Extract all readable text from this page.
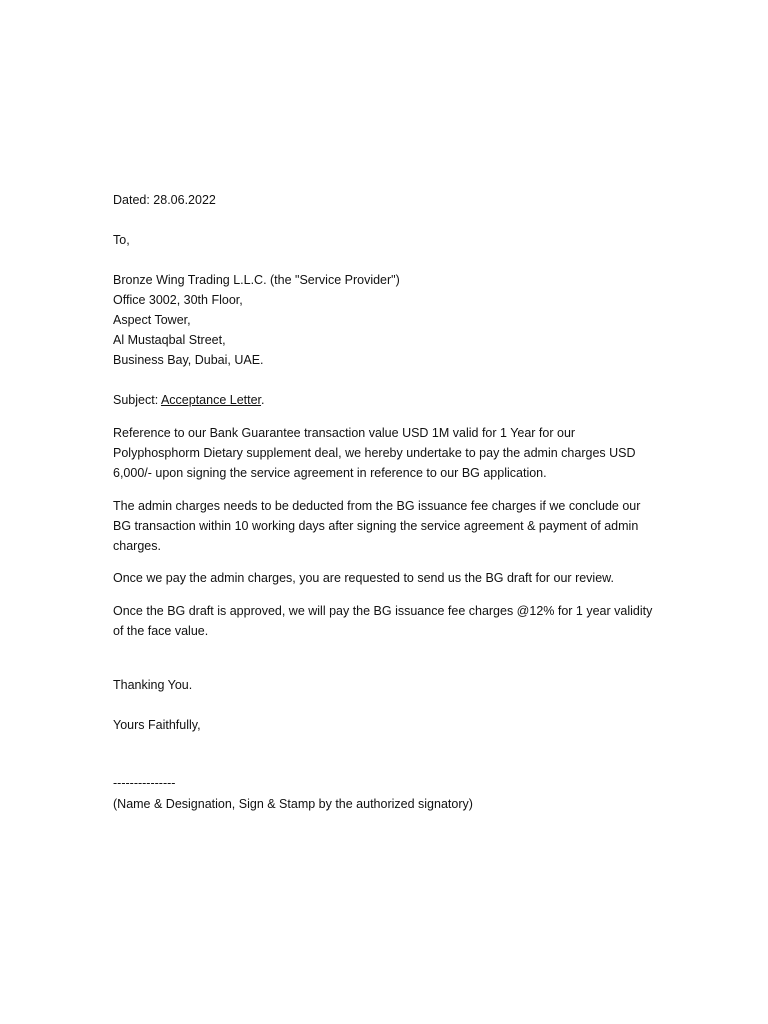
Dated: 28.06.2022
To,
Bronze Wing Trading L.L.C. (the "Service Provider")
Office 3002, 30th Floor,
Aspect Tower,
Al Mustaqbal Street,
Business Bay, Dubai, UAE.
Subject: Acceptance Letter.
Reference to our Bank Guarantee transaction value USD 1M valid for 1 Year for our
Polyphosphorm Dietary supplement deal, we hereby undertake to pay the admin charges USD
6,000/- upon signing the service agreement in reference to our BG application.
The admin charges needs to be deducted from the BG issuance fee charges if we conclude our
BG transaction within 10 working days after signing the service agreement & payment of admin
charges.
Once we pay the admin charges, you are requested to send us the BG draft for our review.
Once the BG draft is approved, we will pay the BG issuance fee charges @12% for 1 year validity
of the face value.
Thanking You.
Yours Faithfully,
---------------
(Name & Designation, Sign & Stamp by the authorized signatory)
